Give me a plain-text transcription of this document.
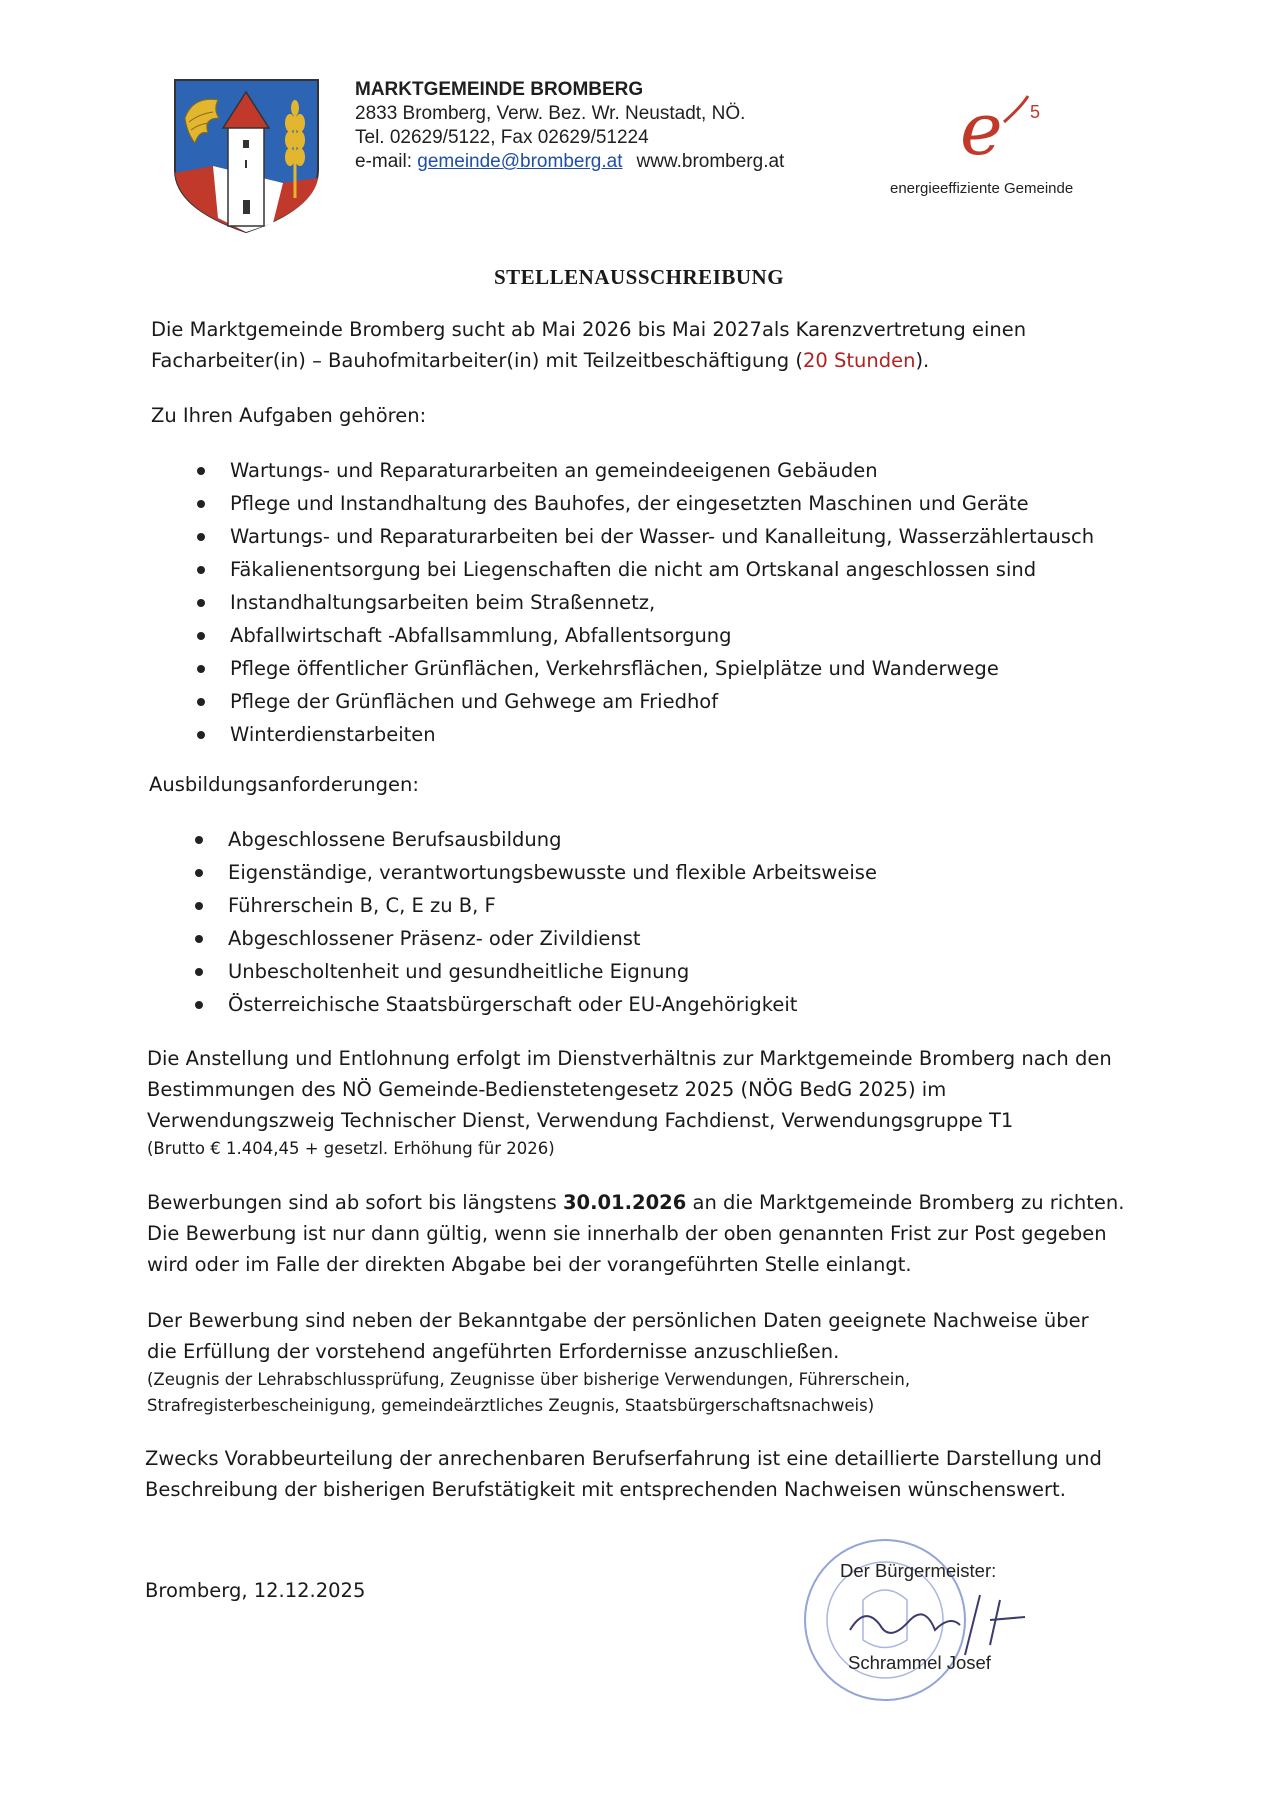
MARKTGEMEINDE BROMBERG
2833 Bromberg, Verw. Bez. Wr. Neustadt, NÖ.
Tel. 02629/5122, Fax 02629/51224
e-mail: gemeinde@bromberg.at www.bromberg.at e 5
energieeffiziente Gemeinde
STELLENAUSSCHREIBUNG
Die Marktgemeinde Bromberg sucht ab Mai 2026 bis Mai 2027als Karenzvertretung einen
Facharbeiter(in) – Bauhofmitarbeiter(in) mit Teilzeitbeschäftigung (20 Stunden).
Zu Ihren Aufgaben gehören:
Wartungs- und Reparaturarbeiten an gemeindeeigenen Gebäuden
Pflege und Instandhaltung des Bauhofes, der eingesetzten Maschinen und Geräte
Wartungs- und Reparaturarbeiten bei der Wasser- und Kanalleitung, Wasserzählertausch
Fäkalienentsorgung bei Liegenschaften die nicht am Ortskanal angeschlossen sind
Instandhaltungsarbeiten beim Straßennetz,
Abfallwirtschaft -Abfallsammlung, Abfallentsorgung
Pflege öffentlicher Grünflächen, Verkehrsflächen, Spielplätze und Wanderwege
Pflege der Grünflächen und Gehwege am Friedhof
Winterdienstarbeiten
Ausbildungsanforderungen:
Abgeschlossene Berufsausbildung
Eigenständige, verantwortungsbewusste und flexible Arbeitsweise
Führerschein B, C, E zu B, F
Abgeschlossener Präsenz- oder Zivildienst
Unbescholtenheit und gesundheitliche Eignung
Österreichische Staatsbürgerschaft oder EU-Angehörigkeit
Die Anstellung und Entlohnung erfolgt im Dienstverhältnis zur Marktgemeinde Bromberg nach den
Bestimmungen des NÖ Gemeinde-Bedienstetengesetz 2025 (NÖG BedG 2025) im
Verwendungszweig Technischer Dienst, Verwendung Fachdienst, Verwendungsgruppe T1
(Brutto € 1.404,45 + gesetzl. Erhöhung für 2026)
Bewerbungen sind ab sofort bis längstens 30.01.2026 an die Marktgemeinde Bromberg zu richten.
Die Bewerbung ist nur dann gültig, wenn sie innerhalb der oben genannten Frist zur Post gegeben
wird oder im Falle der direkten Abgabe bei der vorangeführten Stelle einlangt.
Der Bewerbung sind neben der Bekanntgabe der persönlichen Daten geeignete Nachweise über
die Erfüllung der vorstehend angeführten Erfordernisse anzuschließen.
(Zeugnis der Lehrabschlussprüfung, Zeugnisse über bisherige Verwendungen, Führerschein,
Strafregisterbescheinigung, gemeindeärztliches Zeugnis, Staatsbürgerschaftsnachweis)
Zwecks Vorabbeurteilung der anrechenbaren Berufserfahrung ist eine detaillierte Darstellung und
Beschreibung der bisherigen Berufstätigkeit mit entsprechenden Nachweisen wünschenswert.
Bromberg, 12.12.2025
Der Bürgermeister:
Schrammel Josef
